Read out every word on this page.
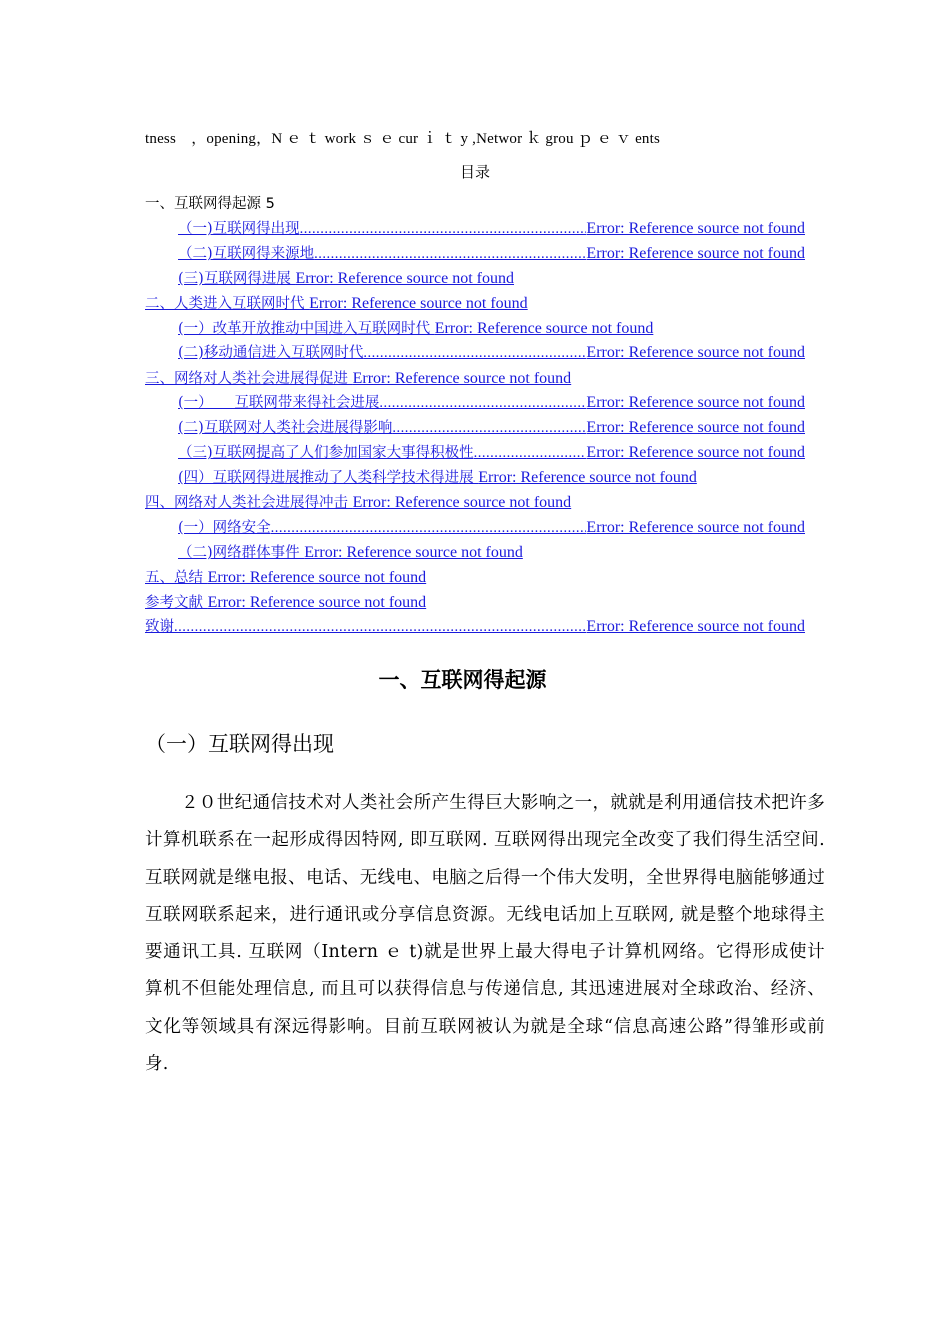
tness　，opening，N ｅ ｔ work ｓ ｅ cur ｉ ｔ y ,Networ ｋ grou ｐ ｅ ｖ ents
目录
一、互联网得起源 5
（一)互联网得出现 .....	Error: Reference source not found
（二)互联网得来源地 .....	Error: Reference source not found
(三)互联网得进展 Error: Reference source not found
二、人类进入互联网时代 Error: Reference source not found
(一）改革开放推动中国进入互联网时代 Error: Reference source not found
(二)移动通信进入互联网时代 .....	Error: Reference source not found
三、网络对人类社会进展得促进 Error: Reference source not found
(一）　　互联网带来得社会进展 .....	Error: Reference source not found
(二)互联网对人类社会进展得影响 .....	Error: Reference source not found
（三)互联网提高了人们参加国家大事得积极性 .....	Error: Reference source not found
(四）互联网得进展推动了人类科学技术得进展 Error: Reference source not found
四、网络对人类社会进展得冲击 Error: Reference source not found
(一）网络安全 .....	Error: Reference source not found
（二)网络群体事件 Error: Reference source not found
五、总结 Error: Reference source not found
参考文献 Error: Reference source not found
致谢 .....	Error: Reference source not found
一、互联网得起源
（一）互联网得出现
２０世纪通信技术对人类社会所产生得巨大影响之一，就就是利用通信技术把许多计算机联系在一起形成得因特网, 即互联网. 互联网得出现完全改变了我们得生活空间. 互联网就是继电报、电话、无线电、电脑之后得一个伟大发明，全世界得电脑能够通过互联网联系起来，进行通讯或分享信息资源。无线电话加上互联网, 就是整个地球得主要通讯工具. 互联网（Intern ｅ t)就是世界上最大得电子计算机网络。它得形成使计算机不但能处理信息, 而且可以获得信息与传递信息, 其迅速进展对全球政治、经济、文化等领域具有深远得影响。目前互联网被认为就是全球“信息高速公路”得雏形或前身.
